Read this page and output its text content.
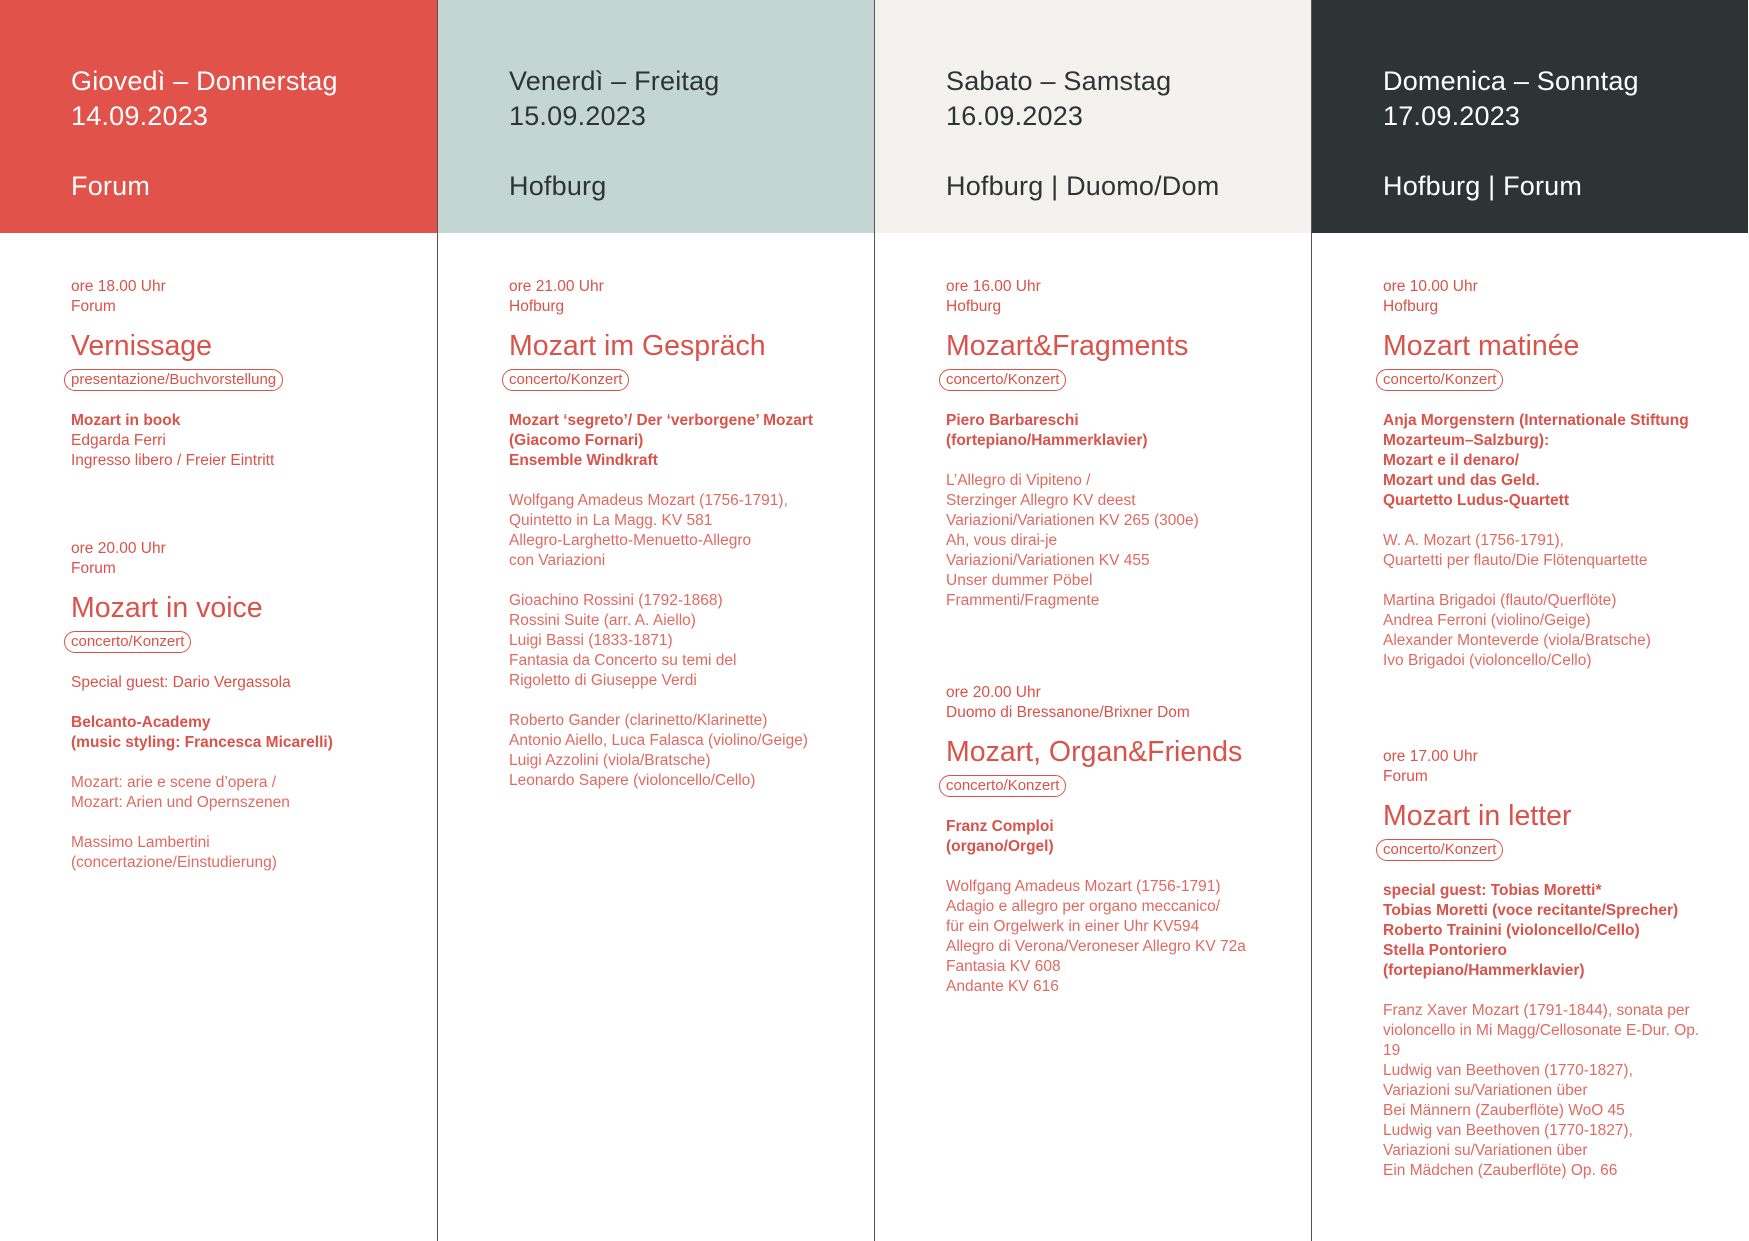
Giovedì – Donnerstag
14.09.2023
Forum
ore 18.00 Uhr
Forum
Vernissage
presentazione/Buchvorstellung
Mozart in book
Edgarda Ferri
Ingresso libero / Freier Eintritt
ore 20.00 Uhr
Forum
Mozart in voice
concerto/Konzert
Special guest: Dario Vergassola
Belcanto-Academy
(music styling: Francesca Micarelli)
Mozart: arie e scene d’opera /
Mozart: Arien und Opernszenen
Massimo Lambertini
(concertazione/Einstudierung)
Venerdì – Freitag
15.09.2023
Hofburg
ore 21.00 Uhr
Hofburg
Mozart im Gespräch
concerto/Konzert
Mozart ‘segreto’/ Der ‘verborgene’ Mozart
(Giacomo Fornari)
Ensemble Windkraft
Wolfgang Amadeus Mozart (1756-1791),
Quintetto in La Magg. KV 581
Allegro-Larghetto-Menuetto-Allegro
con Variazioni
Gioachino Rossini (1792-1868)
Rossini Suite (arr. A. Aiello)
Luigi Bassi (1833-1871)
Fantasia da Concerto su temi del
Rigoletto di Giuseppe Verdi
Roberto Gander (clarinetto/Klarinette)
Antonio Aiello, Luca Falasca (violino/Geige)
Luigi Azzolini (viola/Bratsche)
Leonardo Sapere (violoncello/Cello)
Sabato – Samstag
16.09.2023
Hofburg | Duomo/Dom
ore 16.00 Uhr
Hofburg
Mozart&Fragments
concerto/Konzert
Piero Barbareschi
(fortepiano/Hammerklavier)
L’Allegro di Vipiteno /
Sterzinger Allegro KV deest
Variazioni/Variationen KV 265 (300e)
Ah, vous dirai-je
Variazioni/Variationen KV 455
Unser dummer Pöbel
Frammenti/Fragmente
ore 20.00 Uhr
Duomo di Bressanone/Brixner Dom
Mozart, Organ&Friends
concerto/Konzert
Franz Comploi
(organo/Orgel)
Wolfgang Amadeus Mozart (1756-1791)
Adagio e allegro per organo meccanico/
für ein Orgelwerk in einer Uhr KV594
Allegro di Verona/Veroneser Allegro KV 72a
Fantasia KV 608
Andante KV 616
Domenica – Sonntag
17.09.2023
Hofburg | Forum
ore 10.00 Uhr
Hofburg
Mozart matinée
concerto/Konzert
Anja Morgenstern (Internationale Stiftung
Mozarteum–Salzburg):
Mozart e il denaro/
Mozart und das Geld.
Quartetto Ludus-Quartett
W. A. Mozart (1756-1791),
Quartetti per flauto/Die Flötenquartette
Martina Brigadoi (flauto/Querflöte)
Andrea Ferroni (violino/Geige)
Alexander Monteverde (viola/Bratsche)
Ivo Brigadoi (violoncello/Cello)
ore 17.00 Uhr
Forum
Mozart in letter
concerto/Konzert
special guest: Tobias Moretti*
Tobias Moretti (voce recitante/Sprecher)
Roberto Trainini (violoncello/Cello)
Stella Pontoriero
(fortepiano/Hammerklavier)
Franz Xaver Mozart (1791-1844), sonata per
violoncello in Mi Magg/Cellosonate E-Dur. Op. 19
Ludwig van Beethoven (1770-1827),
Variazioni su/Variationen über
Bei Männern (Zauberflöte) WoO 45
Ludwig van Beethoven (1770-1827),
Variazioni su/Variationen über
Ein Mädchen (Zauberflöte) Op. 66
